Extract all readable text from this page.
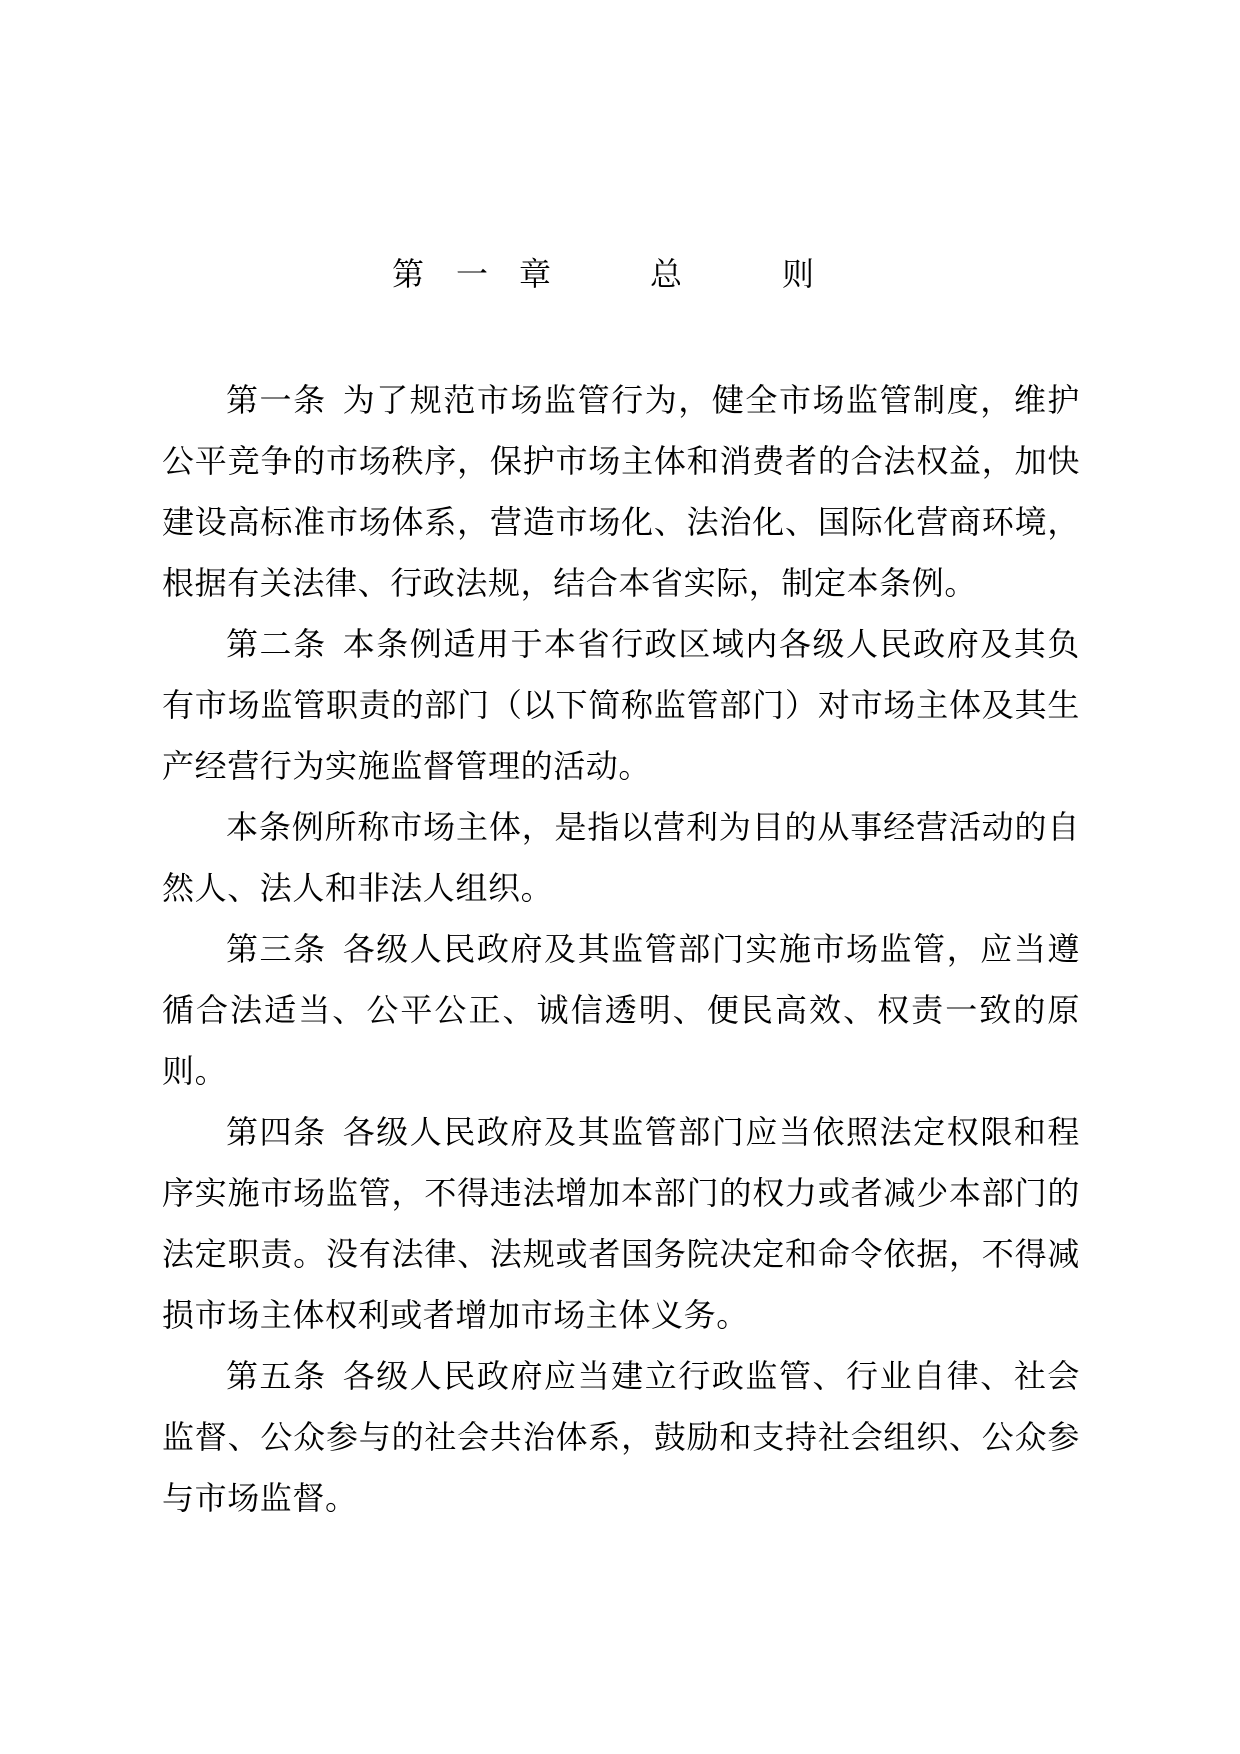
第 一 章	总	则

第一条 为了规范市场监管行为，健全市场监管制度，维护公平竞争的市场秩序，保护市场主体和消费者的合法权益，加快建设高标准市场体系，营造市场化、法治化、国际化营商环境，根据有关法律、行政法规，结合本省实际，制定本条例。

第二条 本条例适用于本省行政区域内各级人民政府及其负有市场监管职责的部门（以下简称监管部门）对市场主体及其生产经营行为实施监督管理的活动。

本条例所称市场主体，是指以营利为目的从事经营活动的自然人、法人和非法人组织。

第三条 各级人民政府及其监管部门实施市场监管，应当遵循合法适当、公平公正、诚信透明、便民高效、权责一致的原则。

第四条 各级人民政府及其监管部门应当依照法定权限和程序实施市场监管，不得违法增加本部门的权力或者减少本部门的法定职责。没有法律、法规或者国务院决定和命令依据，不得减损市场主体权利或者增加市场主体义务。

第五条 各级人民政府应当建立行政监管、行业自律、社会监督、公众参与的社会共治体系，鼓励和支持社会组织、公众参与市场监督。
